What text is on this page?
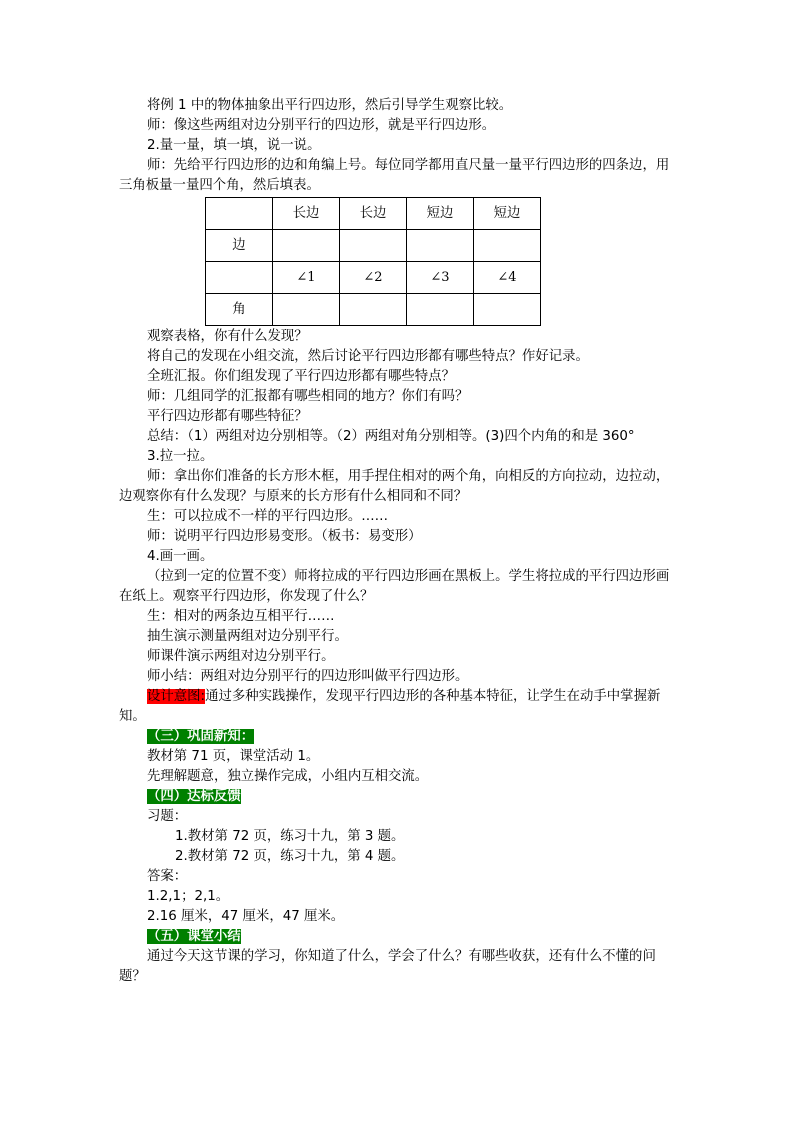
将例 1 中的物体抽象出平行四边形，然后引导学生观察比较。

师：像这些两组对边分别平行的四边形，就是平行四边形。

2.量一量，填一填，说一说。

师：先给平行四边形的边和角编上号。每位同学都用直尺量一量平行四边形的四条边，用三角板量一量四个角，然后填表。

	长边	长边	短边	短边
边				
	∠1	∠2	∠3	∠4
角				

观察表格，你有什么发现？

将自己的发现在小组交流，然后讨论平行四边形都有哪些特点？作好记录。

全班汇报。你们组发现了平行四边形都有哪些特点？

师：几组同学的汇报都有哪些相同的地方？你们有吗？

平行四边形都有哪些特征？

总结：（1）两组对边分别相等。（2）两组对角分别相等。(3)四个内角的和是 360°

3.拉一拉。

师：拿出你们准备的长方形木框，用手捏住相对的两个角，向相反的方向拉动，边拉动，边观察你有什么发现？与原来的长方形有什么相同和不同？

生：可以拉成不一样的平行四边形。……

师：说明平行四边形易变形。（板书：易变形）

4.画一画。

（拉到一定的位置不变）师将拉成的平行四边形画在黑板上。学生将拉成的平行四边形画在纸上。观察平行四边形，你发现了什么？

生：相对的两条边互相平行……

抽生演示测量两组对边分别平行。

师课件演示两组对边分别平行。

师小结：两组对边分别平行的四边形叫做平行四边形。

设计意图:通过多种实践操作，发现平行四边形的各种基本特征，让学生在动手中掌握新知。

（三）巩固新知：

教材第 71 页，课堂活动 1。

先理解题意，独立操作完成，小组内互相交流。

（四）达标反馈

习题：

1.教材第 72 页，练习十九，第 3 题。

2.教材第 72 页，练习十九，第 4 题。

答案：

1.2,1；2,1。

2.16 厘米，47 厘米，47 厘米。

（五）课堂小结

通过今天这节课的学习，你知道了什么，学会了什么？有哪些收获，还有什么不懂的问题？
